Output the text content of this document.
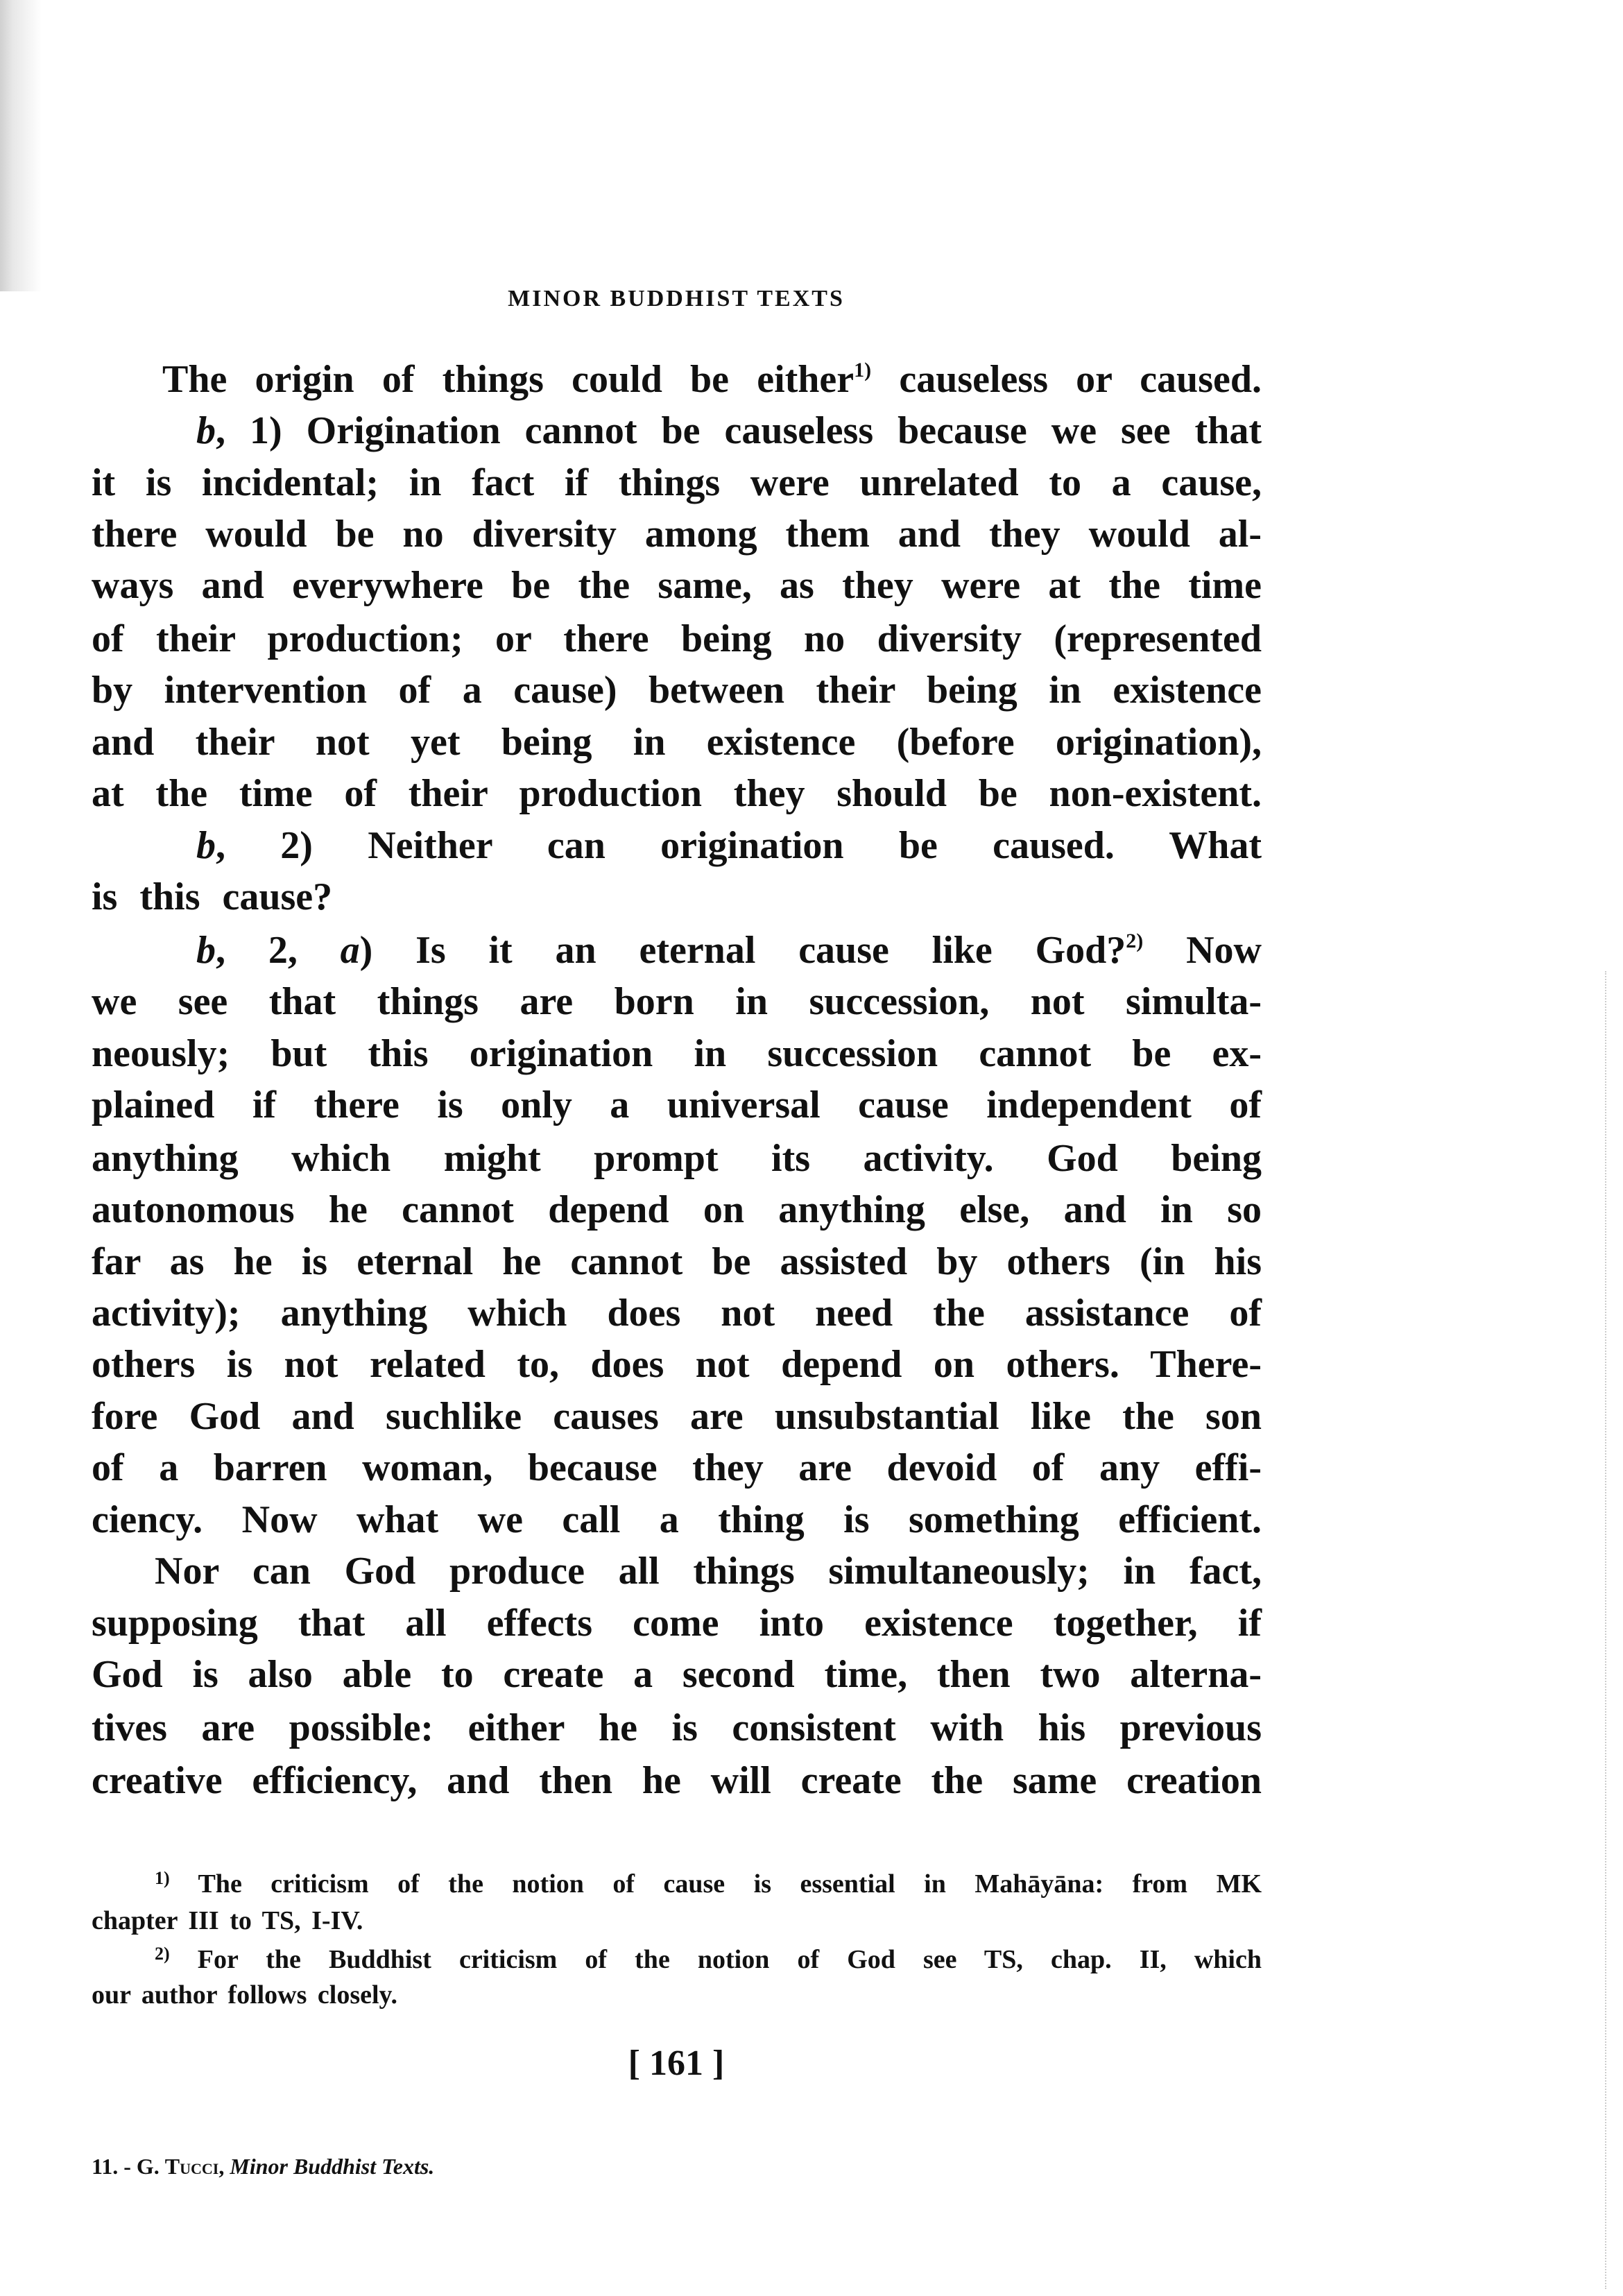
MINOR BUDDHIST TEXTS
The origin of things could be either$^{1)}$ causeless or caused.
b, 1) Origination cannot be causeless because we see that
it is incidental; in fact if things were unrelated to a cause,
there would be no diversity among them and they would al-
ways and everywhere be the same, as they were at the time
of their production; or there being no diversity (represented
by intervention of a cause) between their being in existence
and their not yet being in existence (before origination),
at the time of their production they should be non-existent.
b, 2) Neither can origination be caused. What
is this cause?
b, 2, a) Is it an eternal cause like God?$^{2)}$ Now
we see that things are born in succession, not simulta-
neously; but this origination in succession cannot be ex-
plained if there is only a universal cause independent of
anything which might prompt its activity. God being
autonomous he cannot depend on anything else, and in so
far as he is eternal he cannot be assisted by others (in his
activity); anything which does not need the assistance of
others is not related to, does not depend on others. There-
fore God and suchlike causes are unsubstantial like the son
of a barren woman, because they are devoid of any effi-
ciency. Now what we call a thing is something efficient.
Nor can God produce all things simultaneously; in fact,
supposing that all effects come into existence together, if
God is also able to create a second time, then two alterna-
tives are possible: either he is consistent with his previous
creative efficiency, and then he will create the same creation
$^{1)}$ The criticism of the notion of cause is essential in Mahāyāna: from MK
chapter III to TS, I-IV.
$^{2)}$ For the Buddhist criticism of the notion of God see TS, chap. II, which
our author follows closely.
[ 161 ]
11. - G. Tucci, Minor Buddhist Texts.
